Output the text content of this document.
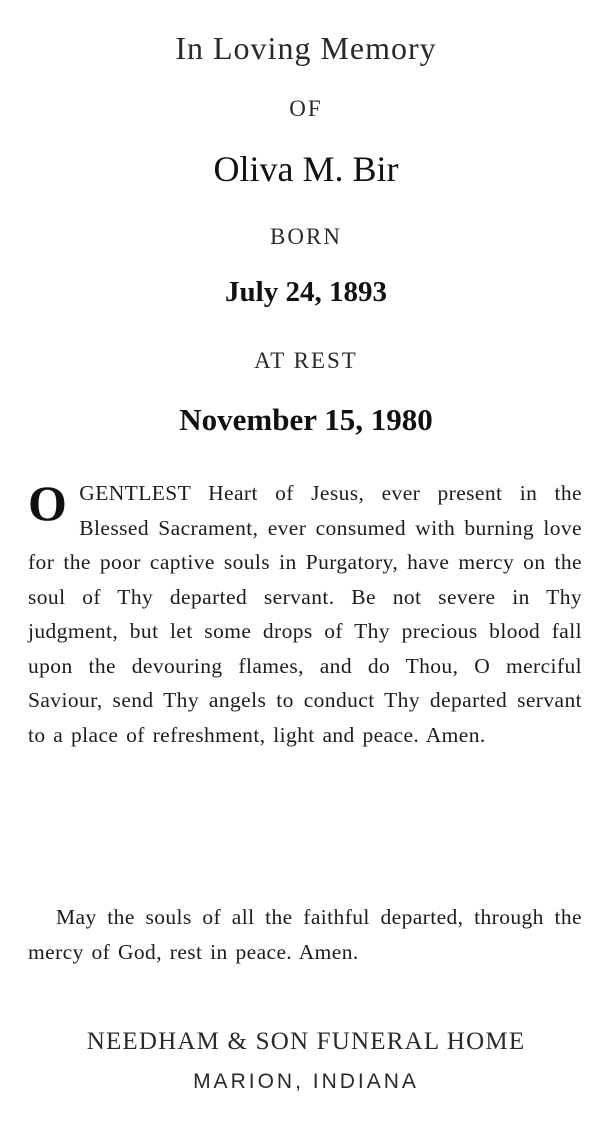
In Loving Memory
OF
Oliva M. Bir
BORN
July 24, 1893
AT REST
November 15, 1980
O GENTLEST Heart of Jesus, ever present in the Blessed Sacrament, ever consumed with burning love for the poor captive souls in Purgatory, have mercy on the soul of Thy departed servant. Be not severe in Thy judgment, but let some drops of Thy precious blood fall upon the devouring flames, and do Thou, O merciful Saviour, send Thy angels to conduct Thy departed servant to a place of refreshment, light and peace. Amen.
May the souls of all the faithful departed, through the mercy of God, rest in peace. Amen.
NEEDHAM & SON FUNERAL HOME
MARION, INDIANA
